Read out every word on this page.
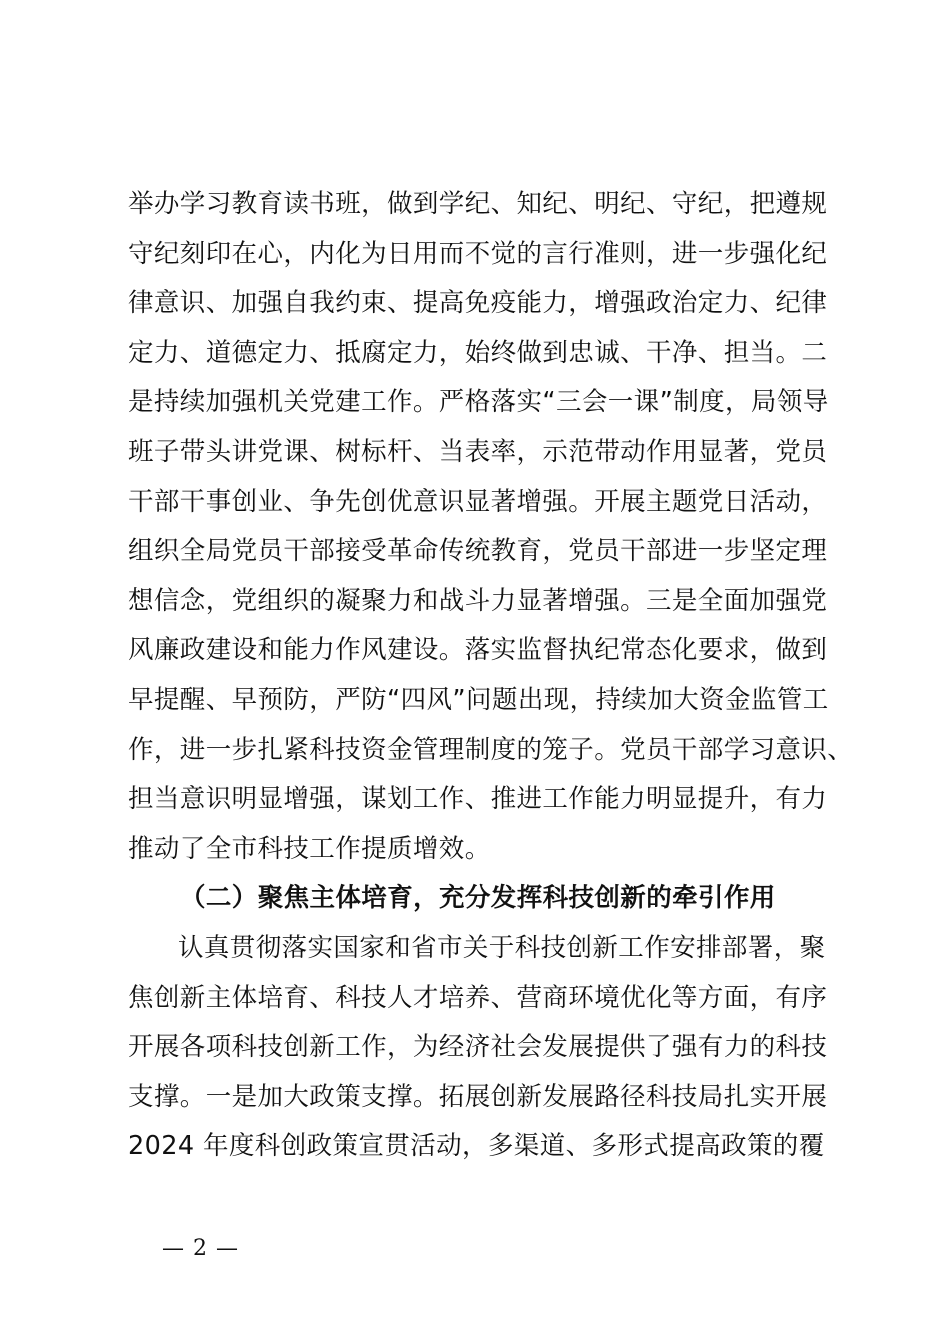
举办学习教育读书班，做到学纪、知纪、明纪、守纪，把遵规
守纪刻印在心，内化为日用而不觉的言行准则，进一步强化纪
律意识、加强自我约束、提高免疫能力，增强政治定力、纪律
定力、道德定力、抵腐定力，始终做到忠诚、干净、担当。二
是持续加强机关党建工作。严格落实“三会一课”制度，局领导
班子带头讲党课、树标杆、当表率，示范带动作用显著，党员
干部干事创业、争先创优意识显著增强。开展主题党日活动，
组织全局党员干部接受革命传统教育，党员干部进一步坚定理
想信念，党组织的凝聚力和战斗力显著增强。三是全面加强党
风廉政建设和能力作风建设。落实监督执纪常态化要求，做到
早提醒、早预防，严防“四风”问题出现，持续加大资金监管工
作，进一步扎紧科技资金管理制度的笼子。党员干部学习意识、
担当意识明显增强，谋划工作、推进工作能力明显提升，有力
推动了全市科技工作提质增效。
（二）聚焦主体培育，充分发挥科技创新的牵引作用
认真贯彻落实国家和省市关于科技创新工作安排部署，聚
焦创新主体培育、科技人才培养、营商环境优化等方面，有序
开展各项科技创新工作，为经济社会发展提供了强有力的科技
支撑。一是加大政策支撑。拓展创新发展路径科技局扎实开展
2024 年度科创政策宣贯活动，多渠道、多形式提高政策的覆
— 2 —
